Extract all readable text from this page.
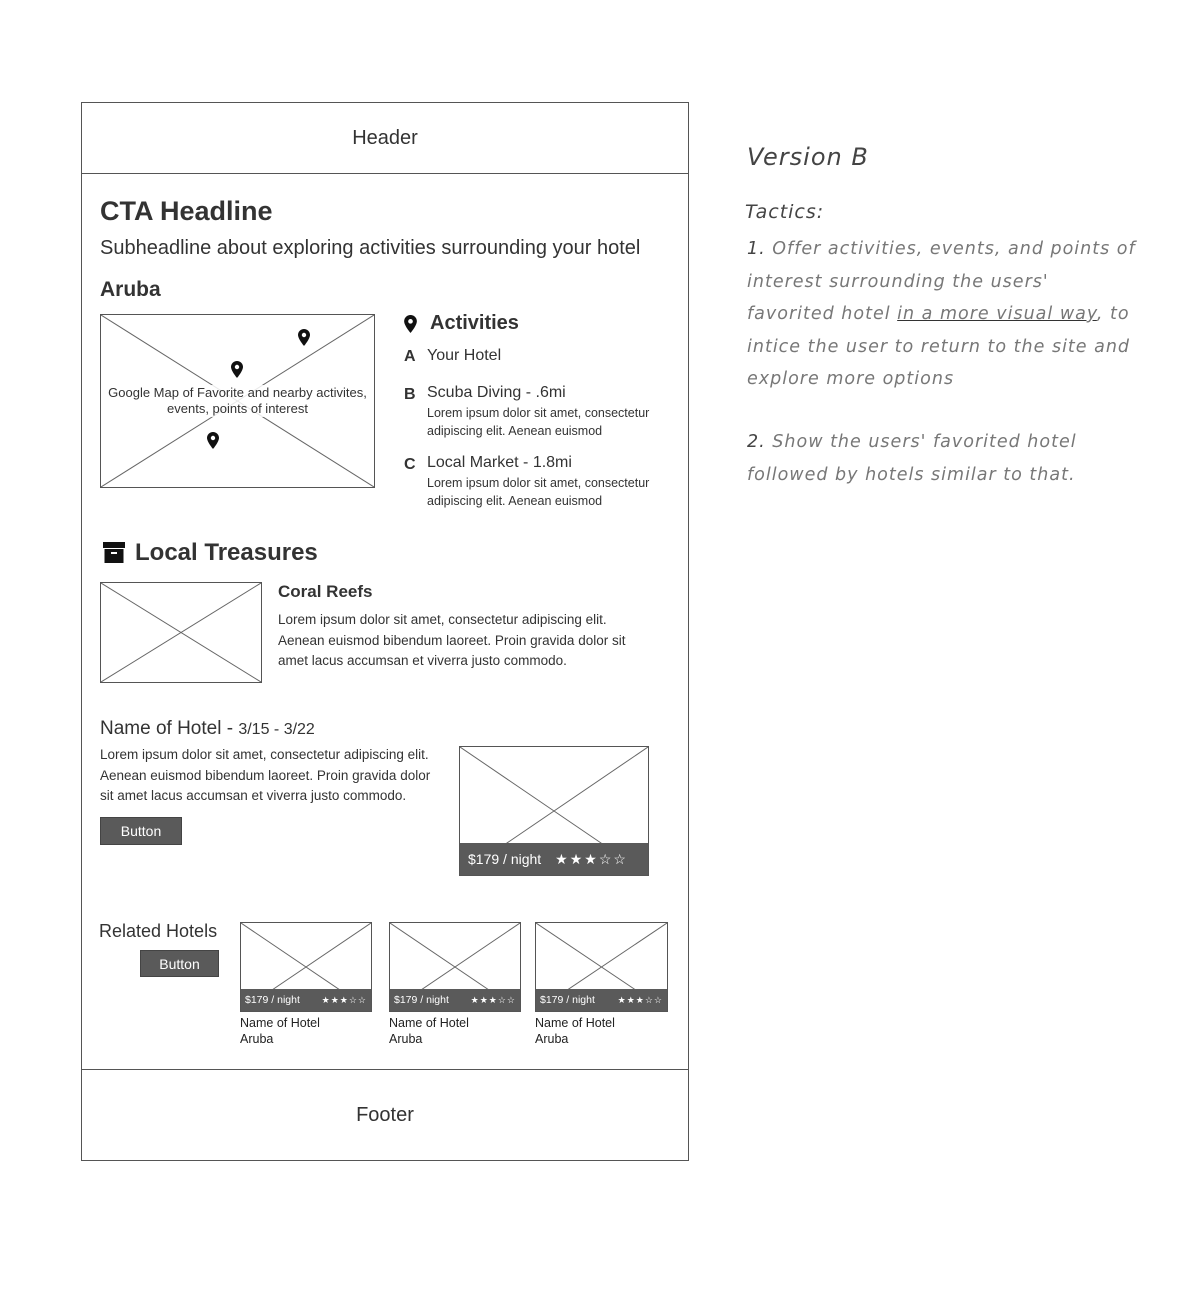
Header
CTA Headline
Subheadline about exploring activities surrounding your hotel
Aruba
Google Map of Favorite and nearby activites, events, points of interest
Activities
A Your Hotel
B Scuba Diving - .6mi
Lorem ipsum dolor sit amet, consectetur adipiscing elit. Aenean euismod
C Local Market - 1.8mi
Lorem ipsum dolor sit amet, consectetur adipiscing elit. Aenean euismod
Local Treasures
Coral Reefs
Lorem ipsum dolor sit amet, consectetur adipiscing elit. Aenean euismod bibendum laoreet. Proin gravida dolor sit amet lacus accumsan et viverra justo commodo.
Name of Hotel - 3/15 - 3/22
Lorem ipsum dolor sit amet, consectetur adipiscing elit. Aenean euismod bibendum laoreet. Proin gravida dolor sit amet lacus accumsan et viverra justo commodo.
Button
$179 / night ★★★☆☆
Related Hotels
Button
$179 / night ★★★☆☆
Name of Hotel
Aruba
$179 / night ★★★☆☆
Name of Hotel
Aruba
$179 / night	★★★☆☆
Name of Hotel
Aruba
Footer
Version B
Tactics:
1. Offer activities, events, and points of interest surrounding the users' favorited hotel in a more visual way, to intice the user to return to the site and explore more options
2. Show the users' favorited hotel followed by hotels similar to that.
